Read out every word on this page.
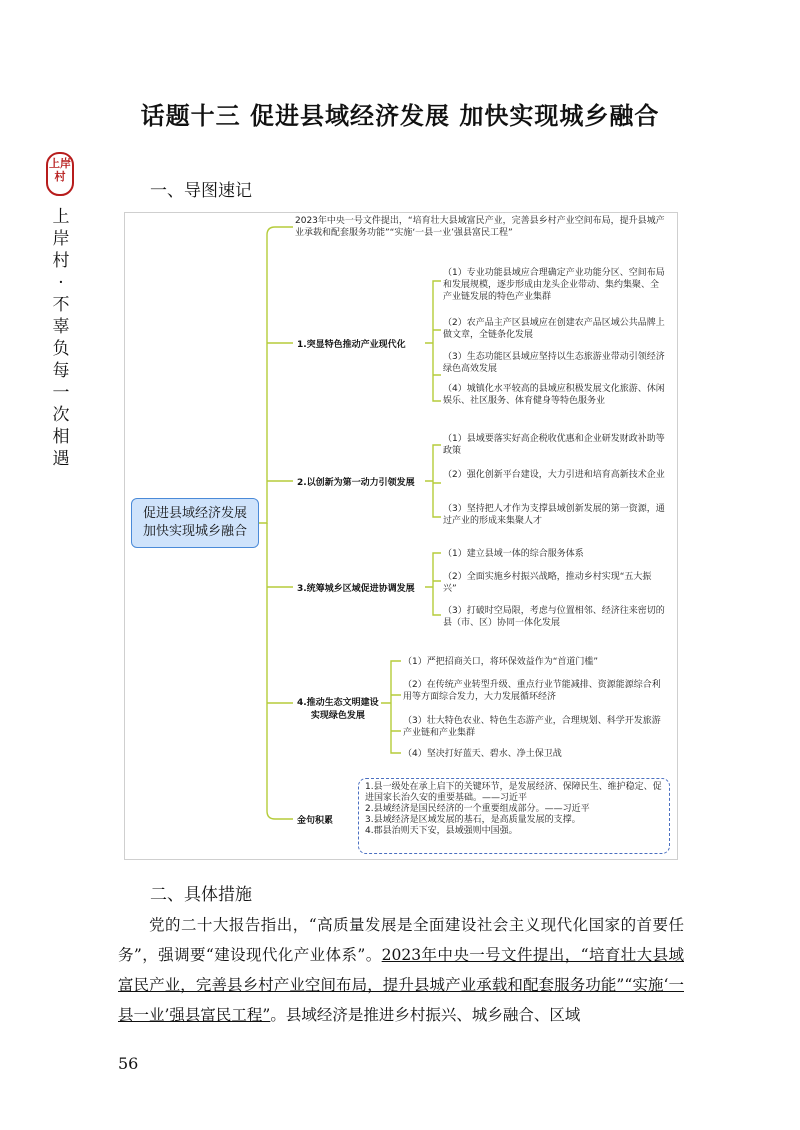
话题十三 促进县域经济发展 加快实现城乡融合
上岸
村
上
岸
村
·
不
辜
负
每
一
次
相
遇
一、导图速记
2023年中央一号文件提出，“培育壮大县域富民产业，完善县乡村产业空间布局，提升县城产业承载和配套服务功能”“实施‘一县一业’强县富民工程”
促进县域经济发展
加快实现城乡融合
1.突显特色推动产业现代化
（1）专业功能县域应合理确定产业功能分区、空间布局和发展规模，逐步形成由龙头企业带动、集约集聚、全产业链发展的特色产业集群
（2）农产品主产区县域应在创建农产品区域公共品牌上做文章，全链条化发展
（3）生态功能区县域应坚持以生态旅游业带动引领经济绿色高效发展
（4）城镇化水平较高的县域应积极发展文化旅游、休闲娱乐、社区服务、体育健身等特色服务业
2.以创新为第一动力引领发展
（1）县域要落实好高企税收优惠和企业研发财政补助等政策
（2）强化创新平台建设，大力引进和培育高新技术企业
（3）坚持把人才作为支撑县域创新发展的第一资源，通过产业的形成来集聚人才
3.统筹城乡区域促进协调发展
（1）建立县域一体的综合服务体系
（2）全面实施乡村振兴战略，推动乡村实现“五大振兴”
（3）打破时空局限，考虑与位置相邻、经济往来密切的县（市、区）协同一体化发展
4.推动生态文明建设
实现绿色发展
（1）严把招商关口，将环保效益作为“首道门槛”
（2）在传统产业转型升级、重点行业节能减排、资源能源综合利用等方面综合发力，大力发展循环经济
（3）壮大特色农业、特色生态游产业，合理规划、科学开发旅游产业链和产业集群
（4）坚决打好蓝天、碧水、净土保卫战
金句积累
1.县一级处在承上启下的关键环节，是发展经济、保障民生、维护稳定、促进国家长治久安的重要基础。——习近平
2.县域经济是国民经济的一个重要组成部分。——习近平
3.县域经济是区域发展的基石，是高质量发展的支撑。
4.郡县治则天下安，县域强则中国强。
二、具体措施
党的二十大报告指出，“高质量发展是全面建设社会主义现代化国家的首要任务”，强调要“建设现代化产业体系”。2023年中央一号文件提出，“培育壮大县域富民产业，完善县乡村产业空间布局，提升县城产业承载和配套服务功能”“实施‘一县一业’强县富民工程”。县域经济是推进乡村振兴、城乡融合、区域
56
